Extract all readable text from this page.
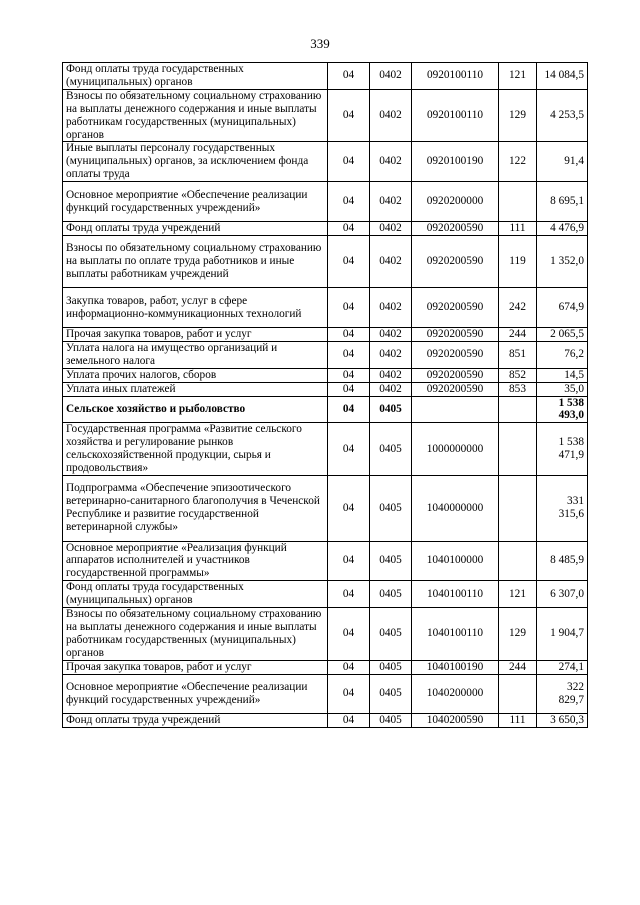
339
Фонд оплаты труда государственных (муниципальных) органов	04	0402	0920100110	121	14 084,5
Взносы по обязательному социальному страхованию на выплаты денежного содержания и иные выплаты работникам государственных (муниципальных) органов	04	0402	0920100110	129	4 253,5
Иные выплаты персоналу государственных (муниципальных) органов, за исключением фонда оплаты труда	04	0402	0920100190	122	91,4
Основное мероприятие «Обеспечение реализации функций государственных учреждений»	04	0402	0920200000		8 695,1
Фонд оплаты труда учреждений	04	0402	0920200590	111	4 476,9
Взносы по обязательному социальному страхованию на выплаты по оплате труда работников и иные выплаты работникам учреждений	04	0402	0920200590	119	1 352,0
Закупка товаров, работ, услуг в сфере информационно-коммуникационных технологий	04	0402	0920200590	242	674,9
Прочая закупка товаров, работ и услуг	04	0402	0920200590	244	2 065,5
Уплата налога на имущество организаций и земельного налога	04	0402	0920200590	851	76,2
Уплата прочих налогов, сборов	04	0402	0920200590	852	14,5
Уплата иных платежей	04	0402	0920200590	853	35,0
Сельское хозяйство и рыболовство	04	0405			1 538 493,0
Государственная программа «Развитие сельского хозяйства и регулирование рынков сельскохозяйственной продукции, сырья и продовольствия»	04	0405	1000000000		1 538 471,9
Подпрограмма «Обеспечение эпизоотического ветеринарно-санитарного благополучия в Чеченской Республике и развитие государственной ветеринарной службы»	04	0405	1040000000		331 315,6
Основное мероприятие «Реализация функций аппаратов исполнителей и участников государственной программы»	04	0405	1040100000		8 485,9
Фонд оплаты труда государственных (муниципальных) органов	04	0405	1040100110	121	6 307,0
Взносы по обязательному социальному страхованию на выплаты денежного содержания и иные выплаты работникам государственных (муниципальных) органов	04	0405	1040100110	129	1 904,7
Прочая закупка товаров, работ и услуг	04	0405	1040100190	244	274,1
Основное мероприятие «Обеспечение реализации функций государственных учреждений»	04	0405	1040200000		322 829,7
Фонд оплаты труда учреждений	04	0405	1040200590	111	3 650,3
